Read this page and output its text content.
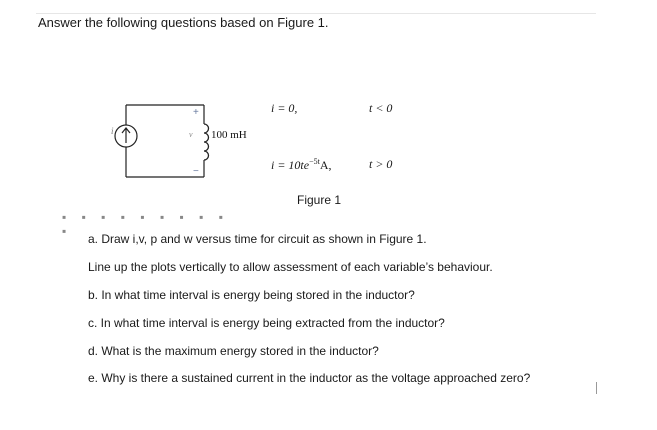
Answer the following questions based on Figure 1.
i
+
−
v 100 mH
i = 0,	t < 0
$i = 10te^{-5t}A$,	t > 0
Figure 1
▪ ▪ ▪ ▪ ▪ ▪ ▪ ▪ ▪ ▪
a. Draw i,v, p and w versus time for circuit as shown in Figure 1.
Line up the plots vertically to allow assessment of each variable’s behaviour.
b. In what time interval is energy being stored in the inductor?
c. In what time interval is energy being extracted from the inductor?
d. What is the maximum energy stored in the inductor?
e. Why is there a sustained current in the inductor as the voltage approached zero?
